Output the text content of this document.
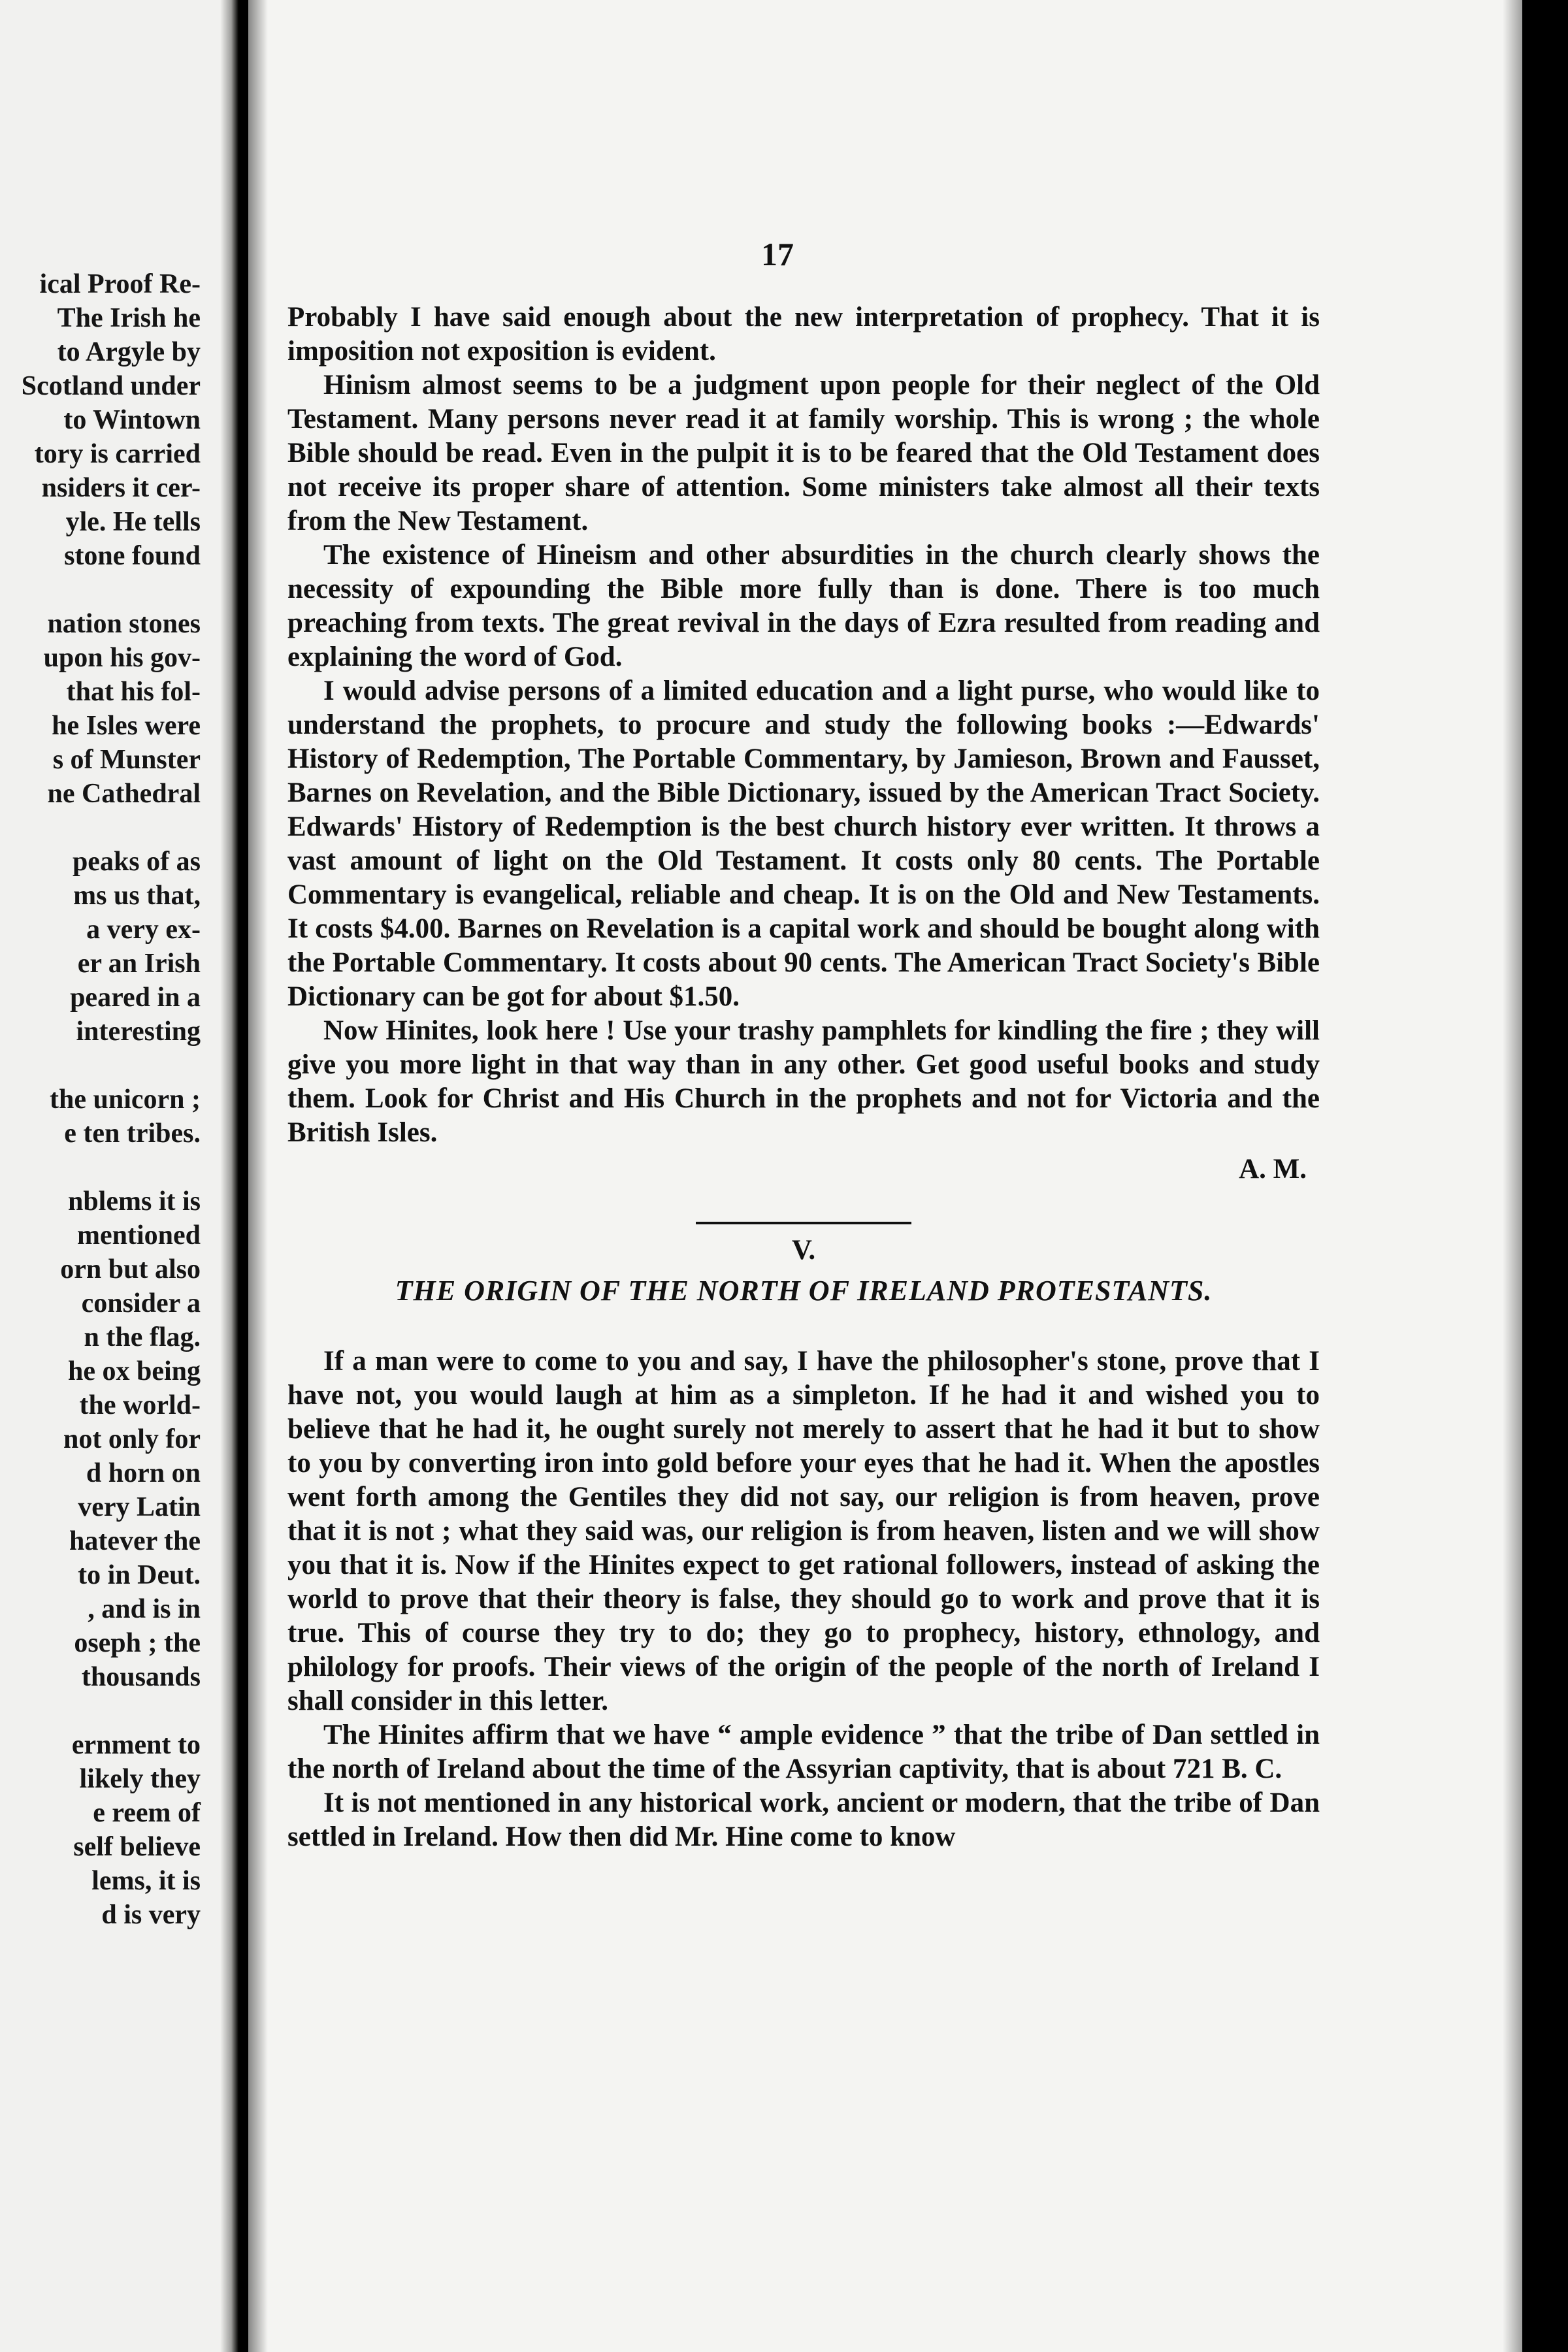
ical Proof Re-
The Irish he
to Argyle by
Scotland under
to Wintown
tory is carried
nsiders it cer-
yle. He tells
stone found
nation stones
upon his gov-
that his fol-
he Isles were
s of Munster
ne Cathedral
peaks of as
ms us that,
a very ex-
er an Irish
peared in a
interesting
the unicorn ;
e ten tribes.
nblems it is
mentioned
orn but also
consider a
n the flag.
he ox being
the world-
not only for
d horn on
very Latin
hatever the
to in Deut.
, and is in
oseph ; the
thousands
ernment to
likely they
e reem of
self believe
lems, it is
d is very
17

Probably I have said enough about the new interpretation of prophecy. That it is imposition not exposition is evident.

Hinism almost seems to be a judgment upon people for their neglect of the Old Testament. Many persons never read it at family worship. This is wrong ; the whole Bible should be read. Even in the pulpit it is to be feared that the Old Testament does not receive its proper share of attention. Some ministers take almost all their texts from the New Testament.

The existence of Hineism and other absurdities in the church clearly shows the necessity of expounding the Bible more fully than is done. There is too much preaching from texts. The great revival in the days of Ezra resulted from reading and explaining the word of God.

I would advise persons of a limited education and a light purse, who would like to understand the prophets, to procure and study the following books :—Edwards' History of Redemption, The Portable Commentary, by Jamieson, Brown and Fausset, Barnes on Revelation, and the Bible Dictionary, issued by the American Tract Society. Edwards' History of Redemption is the best church history ever written. It throws a vast amount of light on the Old Testament. It costs only 80 cents. The Portable Commentary is evangelical, reliable and cheap. It is on the Old and New Testaments. It costs $4.00. Barnes on Revelation is a capital work and should be bought along with the Portable Commentary. It costs about 90 cents. The American Tract Society's Bible Dictionary can be got for about $1.50.

Now Hinites, look here ! Use your trashy pamphlets for kindling the fire ; they will give you more light in that way than in any other. Get good useful books and study them. Look for Christ and His Church in the prophets and not for Victoria and the British Isles.

A. M.
V.
THE ORIGIN OF THE NORTH OF IRELAND PROTESTANTS.

If a man were to come to you and say, I have the philosopher's stone, prove that I have not, you would laugh at him as a simpleton. If he had it and wished you to believe that he had it, he ought surely not merely to assert that he had it but to show to you by converting iron into gold before your eyes that he had it. When the apostles went forth among the Gentiles they did not say, our religion is from heaven, prove that it is not ; what they said was, our religion is from heaven, listen and we will show you that it is. Now if the Hinites expect to get rational followers, instead of asking the world to prove that their theory is false, they should go to work and prove that it is true. This of course they try to do; they go to prophecy, history, ethnology, and philology for proofs. Their views of the origin of the people of the north of Ireland I shall consider in this letter.

The Hinites affirm that we have “ ample evidence ” that the tribe of Dan settled in the north of Ireland about the time of the Assyrian captivity, that is about 721 B. C.

It is not mentioned in any historical work, ancient or modern, that the tribe of Dan settled in Ireland. How then did Mr. Hine come to know
